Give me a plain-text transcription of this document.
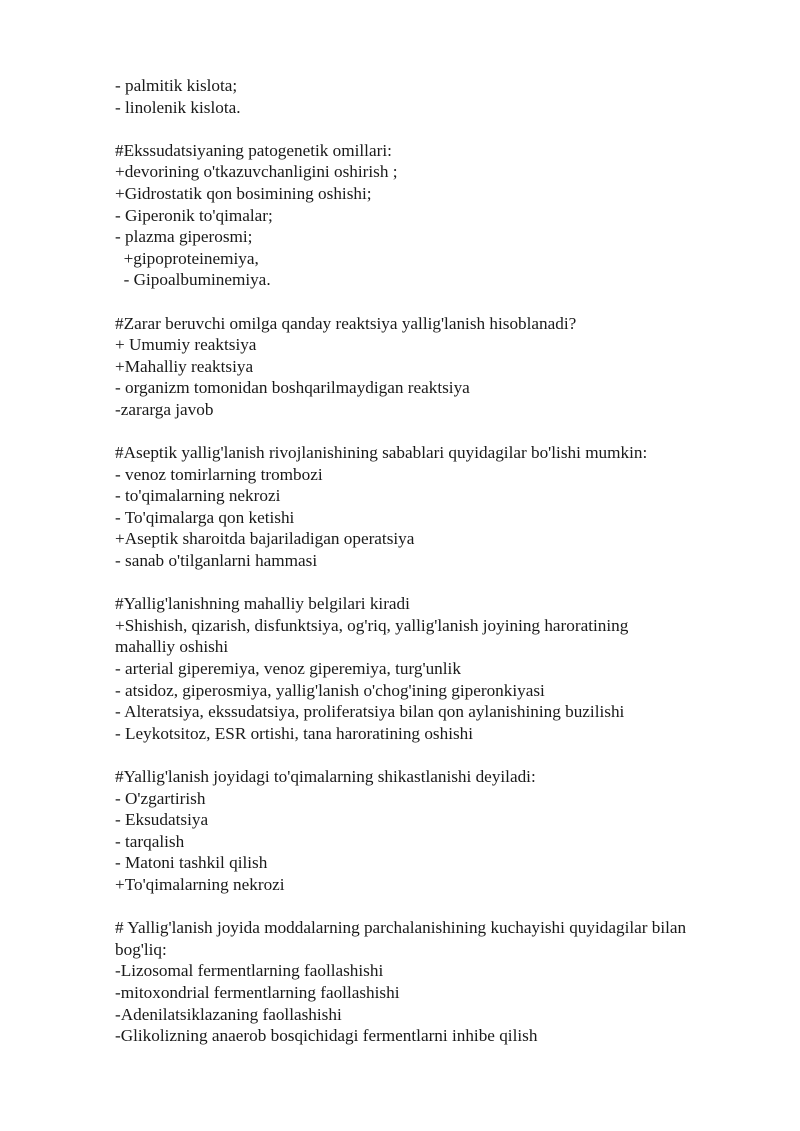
- palmitik kislota;
- linolenik kislota.
#Ekssudatsiyaning patogenetik omillari:
+devorining o'tkazuvchanligini oshirish ;
+Gidrostatik qon bosimining oshishi;
- Giperonik to'qimalar;
- plazma giperosmi;
+gipoproteinemiya,
- Gipoalbuminemiya.
#Zarar beruvchi omilga qanday reaktsiya yallig'lanish hisoblanadi?
+ Umumiy reaktsiya
+Mahalliy reaktsiya
- organizm tomonidan boshqarilmaydigan reaktsiya
-zararga javob
#Aseptik yallig'lanish rivojlanishining sabablari quyidagilar bo'lishi mumkin:
- venoz tomirlarning trombozi
- to'qimalarning nekrozi
- To'qimalarga qon ketishi
+Aseptik sharoitda bajariladigan operatsiya
- sanab o'tilganlarni hammasi
#Yallig'lanishning mahalliy belgilari kiradi
+Shishish, qizarish, disfunktsiya, og'riq, yallig'lanish joyining haroratining
mahalliy oshishi
- arterial giperemiya, venoz giperemiya, turg'unlik
- atsidoz, giperosmiya, yallig'lanish o'chog'ining giperonkiyasi
- Alteratsiya, ekssudatsiya, proliferatsiya bilan qon aylanishining buzilishi
- Leykotsitoz, ESR ortishi, tana haroratining oshishi
#Yallig'lanish joyidagi to'qimalarning shikastlanishi deyiladi:
- O'zgartirish
- Eksudatsiya
- tarqalish
- Matoni tashkil qilish
+To'qimalarning nekrozi
# Yallig'lanish joyida moddalarning parchalanishining kuchayishi quyidagilar bilan
bog'liq:
-Lizosomal fermentlarning faollashishi
-mitoxondrial fermentlarning faollashishi
-Adenilatsiklazaning faollashishi
-Glikolizning anaerob bosqichidagi fermentlarni inhibe qilish
